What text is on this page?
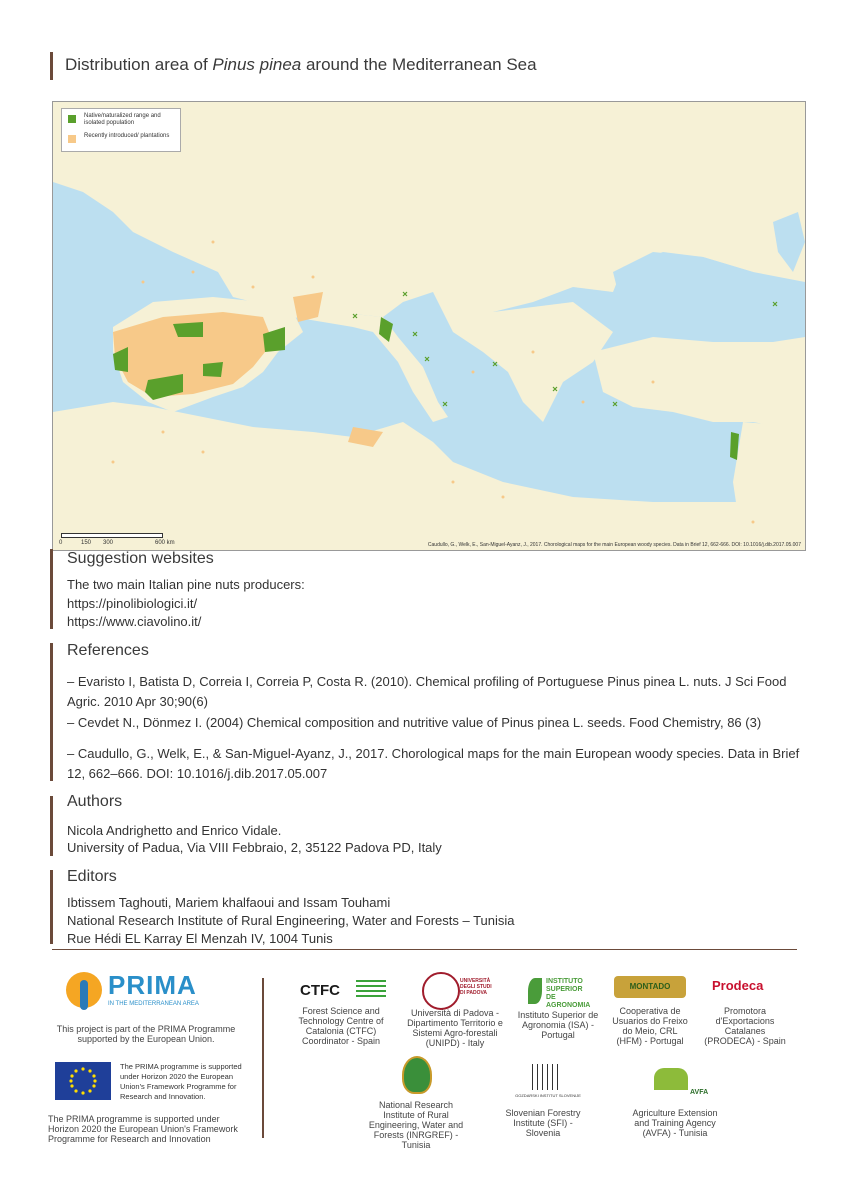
Distribution area of Pinus pinea around the Mediterranean Sea
Native/naturalized range and isolated population
Recently introduced/ plantations
0	150 300	600 km	Caudullo, G., Welk, E., San-Miguel-Ayanz, J., 2017. Chorological maps for the main European woody species. Data in Brief 12, 662-666. DOI: 10.1016/j.dib.2017.05.007
Suggestion websites
The two main Italian pine nuts producers:
https://pinolibiologici.it/
https://www.ciavolino.it/
References
– Evaristo I, Batista D, Correia I, Correia P, Costa R. (2010). Chemical profiling of Portuguese Pinus pinea L. nuts. J Sci Food Agric. 2010 Apr 30;90(6)
– Cevdet N., Dönmez I. (2004) Chemical composition and nutritive value of Pinus pinea L. seeds. Food Chemistry, 86 (3)
– Caudullo, G., Welk, E., & San-Miguel-Ayanz, J., 2017. Chorological maps for the main European woody species. Data in Brief 12, 662–666. DOI: 10.1016/j.dib.2017.05.007
Authors
Nicola Andrighetto and Enrico Vidale.
University of Padua, Via VIII Febbraio, 2, 35122 Padova PD, Italy
Editors
Ibtissem Taghouti, Mariem khalfaoui and Issam Touhami
National Research Institute of Rural Engineering, Water and Forests – Tunisia
Rue Hédi EL Karray El Menzah IV, 1004 Tunis
PRIMA
IN THE MEDITERRANEAN AREA
This project is part of the PRIMA Programme supported by the European Union.
The PRIMA programme is supported under Horizon 2020 the European Union's Framework Programme for Research and Innovation.
The PRIMA programme is supported under Horizon 2020 the European Union's Framework Programme for Research and Innovation
CTFC
Forest Science and Technology Centre of Catalonia (CTFC) Coordinator - Spain
UNIVERSITÀ DEGLI STUDI DI PADOVA
Università di Padova - Dipartimento Territorio e Sistemi Agro-forestali (UNIPD) - Italy
INSTITUTO SUPERIOR DE AGRONOMIA
Instituto Superior de Agronomia (ISA) - Portugal
MONTADO
Cooperativa de Usuarios do Freixo do Meio, CRL (HFM) - Portugal
Prodeca
Promotora d'Exportacions Catalanes (PRODECA) - Spain
National Research Institute of Rural Engineering, Water and Forests (INRGREF) - Tunisia
GOZDARSKI INSTITUT SLOVENIJE
Slovenian Forestry Institute (SFI) - Slovenia
AVFA
Agriculture Extension and Training Agency (AVFA) - Tunisia
